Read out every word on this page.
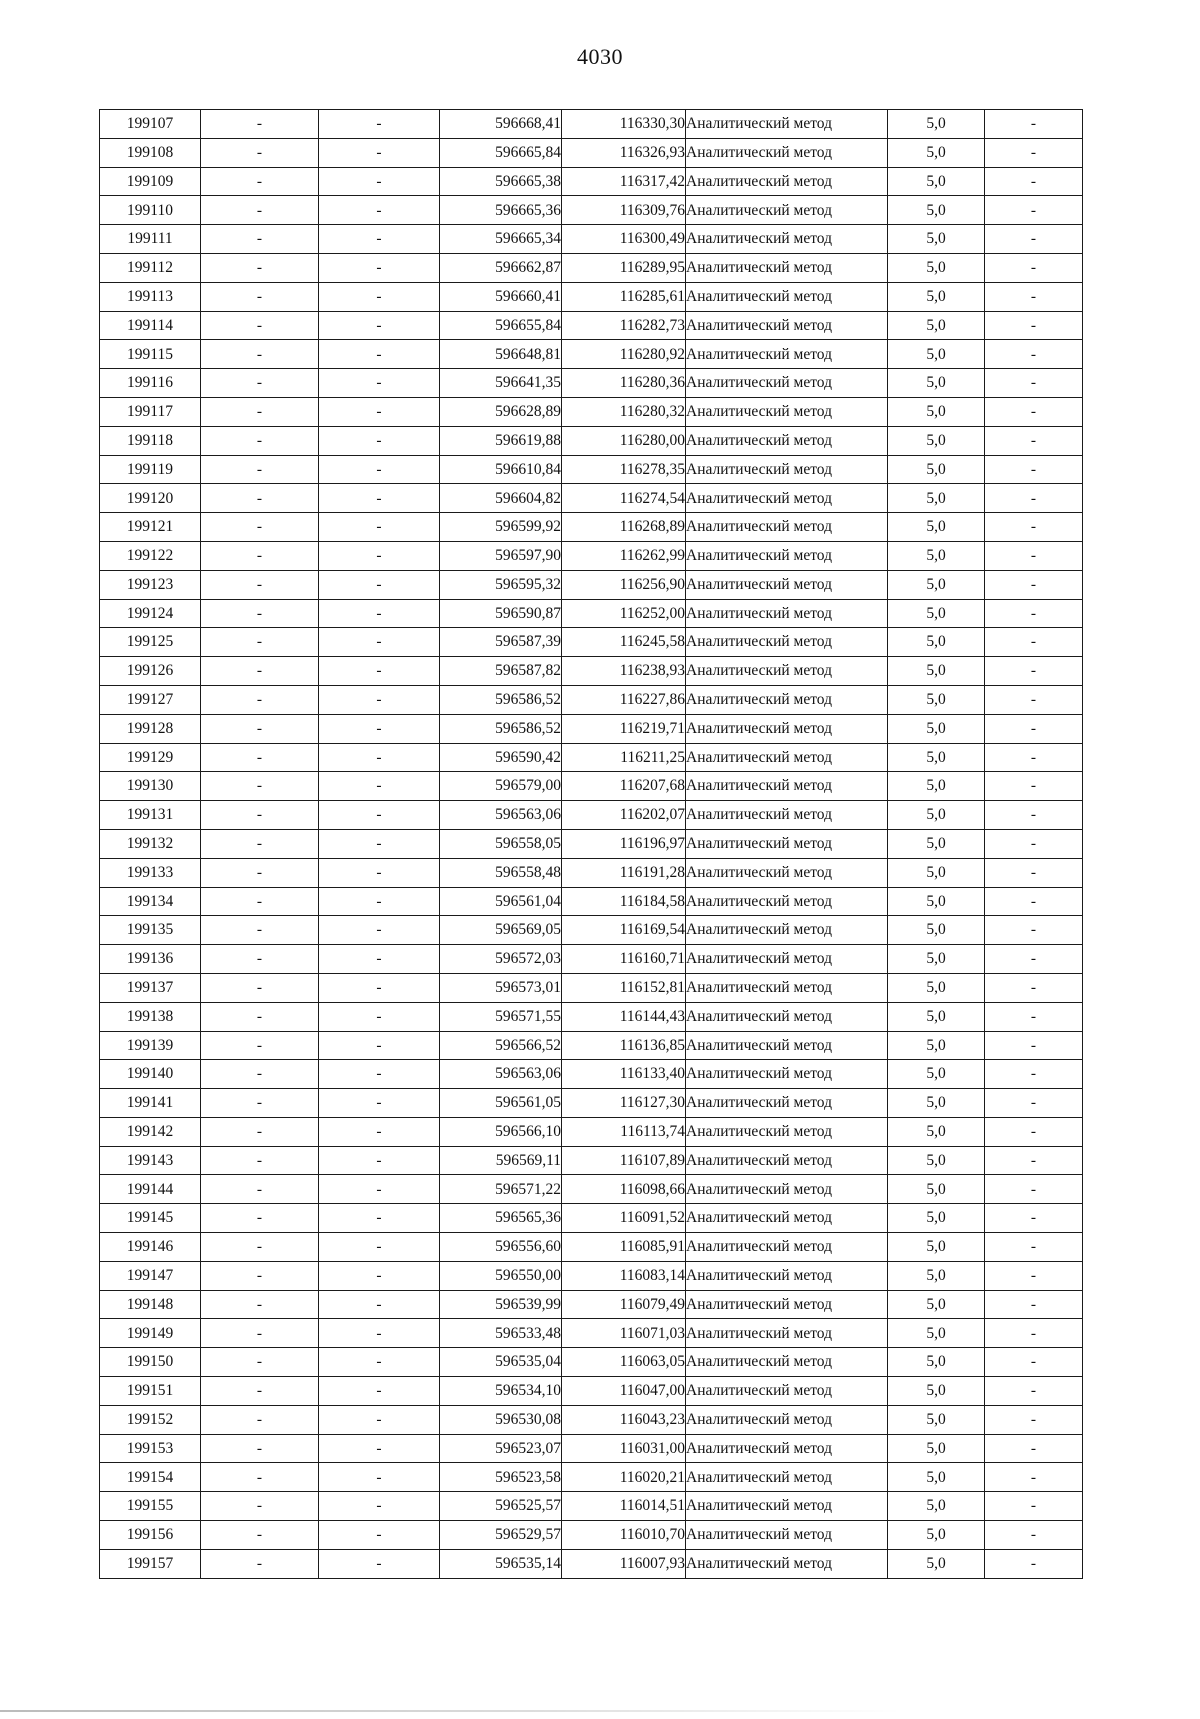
4030
199107	-	-	596668,41	116330,30	Аналитический метод	5,0	-
199108	-	-	596665,84	116326,93	Аналитический метод	5,0	-
199109	-	-	596665,38	116317,42	Аналитический метод	5,0	-
199110	-	-	596665,36	116309,76	Аналитический метод	5,0	-
199111	-	-	596665,34	116300,49	Аналитический метод	5,0	-
199112	-	-	596662,87	116289,95	Аналитический метод	5,0	-
199113	-	-	596660,41	116285,61	Аналитический метод	5,0	-
199114	-	-	596655,84	116282,73	Аналитический метод	5,0	-
199115	-	-	596648,81	116280,92	Аналитический метод	5,0	-
199116	-	-	596641,35	116280,36	Аналитический метод	5,0	-
199117	-	-	596628,89	116280,32	Аналитический метод	5,0	-
199118	-	-	596619,88	116280,00	Аналитический метод	5,0	-
199119	-	-	596610,84	116278,35	Аналитический метод	5,0	-
199120	-	-	596604,82	116274,54	Аналитический метод	5,0	-
199121	-	-	596599,92	116268,89	Аналитический метод	5,0	-
199122	-	-	596597,90	116262,99	Аналитический метод	5,0	-
199123	-	-	596595,32	116256,90	Аналитический метод	5,0	-
199124	-	-	596590,87	116252,00	Аналитический метод	5,0	-
199125	-	-	596587,39	116245,58	Аналитический метод	5,0	-
199126	-	-	596587,82	116238,93	Аналитический метод	5,0	-
199127	-	-	596586,52	116227,86	Аналитический метод	5,0	-
199128	-	-	596586,52	116219,71	Аналитический метод	5,0	-
199129	-	-	596590,42	116211,25	Аналитический метод	5,0	-
199130	-	-	596579,00	116207,68	Аналитический метод	5,0	-
199131	-	-	596563,06	116202,07	Аналитический метод	5,0	-
199132	-	-	596558,05	116196,97	Аналитический метод	5,0	-
199133	-	-	596558,48	116191,28	Аналитический метод	5,0	-
199134	-	-	596561,04	116184,58	Аналитический метод	5,0	-
199135	-	-	596569,05	116169,54	Аналитический метод	5,0	-
199136	-	-	596572,03	116160,71	Аналитический метод	5,0	-
199137	-	-	596573,01	116152,81	Аналитический метод	5,0	-
199138	-	-	596571,55	116144,43	Аналитический метод	5,0	-
199139	-	-	596566,52	116136,85	Аналитический метод	5,0	-
199140	-	-	596563,06	116133,40	Аналитический метод	5,0	-
199141	-	-	596561,05	116127,30	Аналитический метод	5,0	-
199142	-	-	596566,10	116113,74	Аналитический метод	5,0	-
199143	-	-	596569,11	116107,89	Аналитический метод	5,0	-
199144	-	-	596571,22	116098,66	Аналитический метод	5,0	-
199145	-	-	596565,36	116091,52	Аналитический метод	5,0	-
199146	-	-	596556,60	116085,91	Аналитический метод	5,0	-
199147	-	-	596550,00	116083,14	Аналитический метод	5,0	-
199148	-	-	596539,99	116079,49	Аналитический метод	5,0	-
199149	-	-	596533,48	116071,03	Аналитический метод	5,0	-
199150	-	-	596535,04	116063,05	Аналитический метод	5,0	-
199151	-	-	596534,10	116047,00	Аналитический метод	5,0	-
199152	-	-	596530,08	116043,23	Аналитический метод	5,0	-
199153	-	-	596523,07	116031,00	Аналитический метод	5,0	-
199154	-	-	596523,58	116020,21	Аналитический метод	5,0	-
199155	-	-	596525,57	116014,51	Аналитический метод	5,0	-
199156	-	-	596529,57	116010,70	Аналитический метод	5,0	-
199157	-	-	596535,14	116007,93	Аналитический метод	5,0	-
